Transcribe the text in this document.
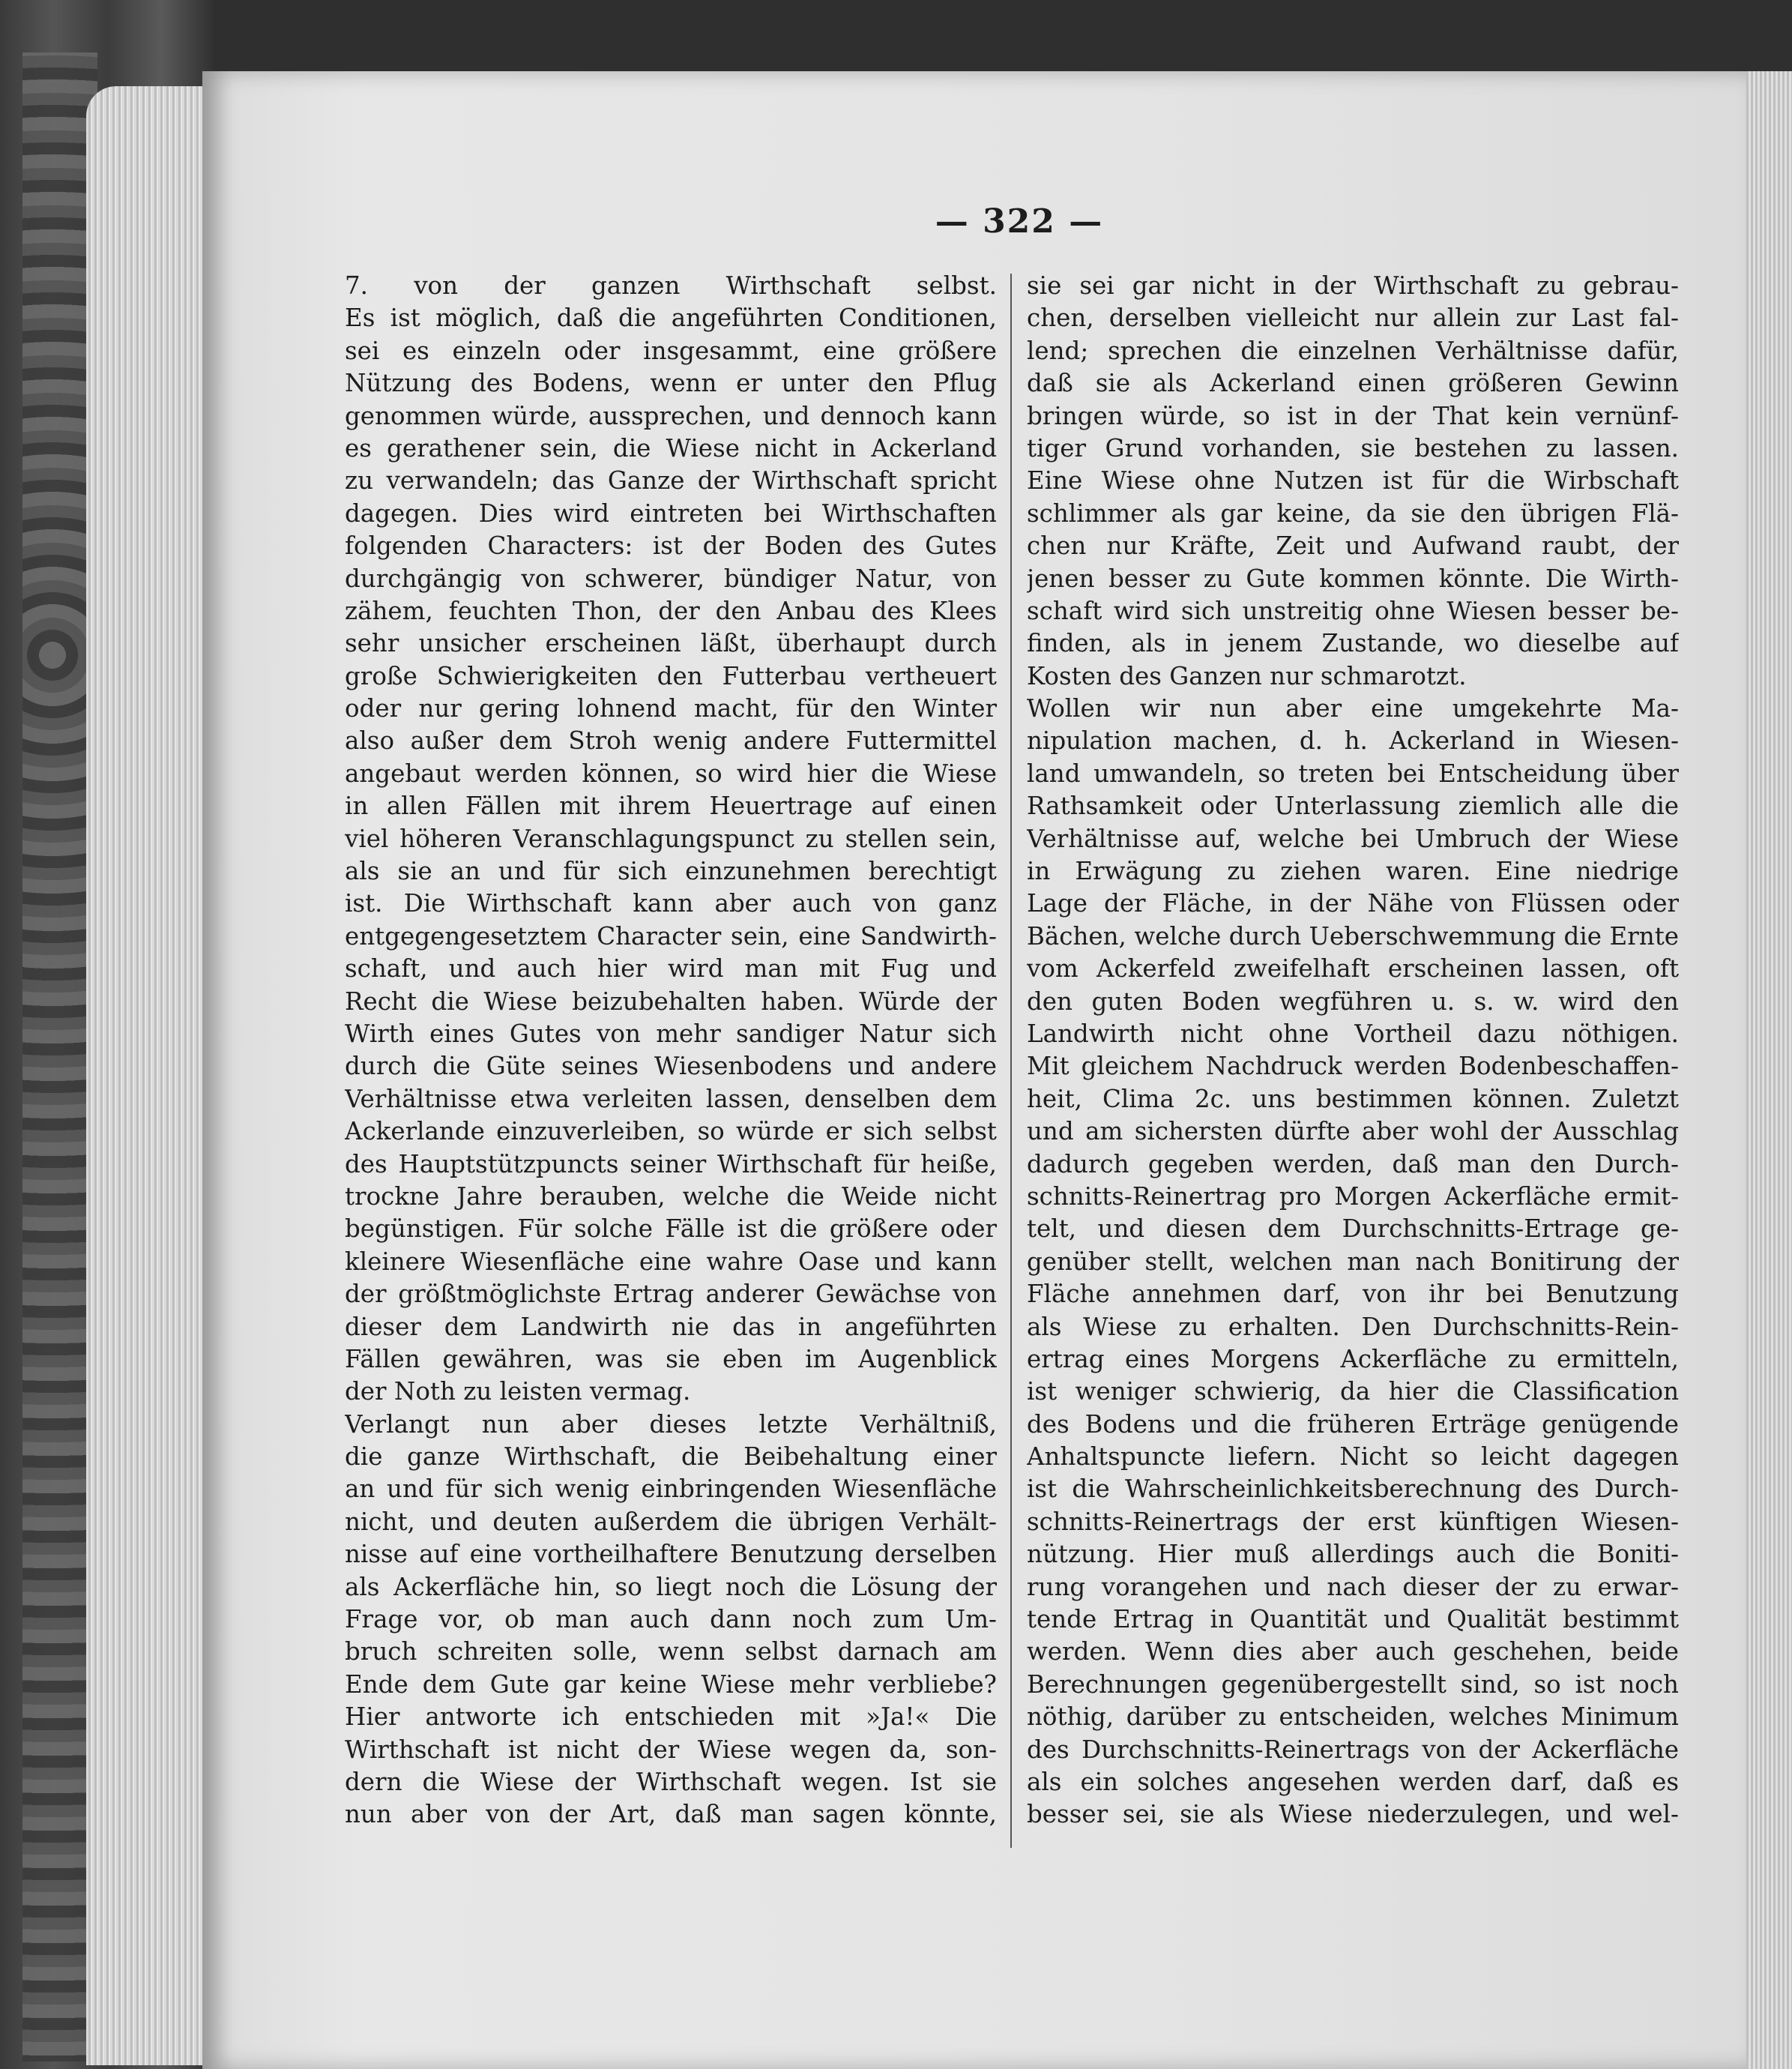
— 322 —
7. von der ganzen Wirthschaft selbst.
Es ist möglich, daß die angeführten Conditionen,
sei es einzeln oder insgesammt, eine größere
Nützung des Bodens, wenn er unter den Pflug
genommen würde, aussprechen, und dennoch kann
es gerathener sein, die Wiese nicht in Ackerland
zu verwandeln; das Ganze der Wirthschaft spricht
dagegen. Dies wird eintreten bei Wirthschaften
folgenden Characters: ist der Boden des Gutes
durchgängig von schwerer, bündiger Natur, von
zähem, feuchten Thon, der den Anbau des Klees
sehr unsicher erscheinen läßt, überhaupt durch
große Schwierigkeiten den Futterbau vertheuert
oder nur gering lohnend macht, für den Winter
also außer dem Stroh wenig andere Futtermittel
angebaut werden können, so wird hier die Wiese
in allen Fällen mit ihrem Heuertrage auf einen
viel höheren Veranschlagungspunct zu stellen sein,
als sie an und für sich einzunehmen berechtigt
ist. Die Wirthschaft kann aber auch von ganz
entgegengesetztem Character sein, eine Sandwirth-
schaft, und auch hier wird man mit Fug und
Recht die Wiese beizubehalten haben. Würde der
Wirth eines Gutes von mehr sandiger Natur sich
durch die Güte seines Wiesenbodens und andere
Verhältnisse etwa verleiten lassen, denselben dem
Ackerlande einzuverleiben, so würde er sich selbst
des Hauptstützpuncts seiner Wirthschaft für heiße,
trockne Jahre berauben, welche die Weide nicht
begünstigen. Für solche Fälle ist die größere oder
kleinere Wiesenfläche eine wahre Oase und kann
der größtmöglichste Ertrag anderer Gewächse von
dieser dem Landwirth nie das in angeführten
Fällen gewähren, was sie eben im Augenblick
der Noth zu leisten vermag.
Verlangt nun aber dieses letzte Verhältniß,
die ganze Wirthschaft, die Beibehaltung einer
an und für sich wenig einbringenden Wiesenfläche
nicht, und deuten außerdem die übrigen Verhält-
nisse auf eine vortheilhaftere Benutzung derselben
als Ackerfläche hin, so liegt noch die Lösung der
Frage vor, ob man auch dann noch zum Um-
bruch schreiten solle, wenn selbst darnach am
Ende dem Gute gar keine Wiese mehr verbliebe?
Hier antworte ich entschieden mit »Ja!« Die
Wirthschaft ist nicht der Wiese wegen da, son-
dern die Wiese der Wirthschaft wegen. Ist sie
nun aber von der Art, daß man sagen könnte,
sie sei gar nicht in der Wirthschaft zu gebrau-
chen, derselben vielleicht nur allein zur Last fal-
lend; sprechen die einzelnen Verhältnisse dafür,
daß sie als Ackerland einen größeren Gewinn
bringen würde, so ist in der That kein vernünf-
tiger Grund vorhanden, sie bestehen zu lassen.
Eine Wiese ohne Nutzen ist für die Wirbschaft
schlimmer als gar keine, da sie den übrigen Flä-
chen nur Kräfte, Zeit und Aufwand raubt, der
jenen besser zu Gute kommen könnte. Die Wirth-
schaft wird sich unstreitig ohne Wiesen besser be-
finden, als in jenem Zustande, wo dieselbe auf
Kosten des Ganzen nur schmarotzt.
Wollen wir nun aber eine umgekehrte Ma-
nipulation machen, d. h. Ackerland in Wiesen-
land umwandeln, so treten bei Entscheidung über
Rathsamkeit oder Unterlassung ziemlich alle die
Verhältnisse auf, welche bei Umbruch der Wiese
in Erwägung zu ziehen waren. Eine niedrige
Lage der Fläche, in der Nähe von Flüssen oder
Bächen, welche durch Ueberschwemmung die Ernte
vom Ackerfeld zweifelhaft erscheinen lassen, oft
den guten Boden wegführen u. s. w. wird den
Landwirth nicht ohne Vortheil dazu nöthigen.
Mit gleichem Nachdruck werden Bodenbeschaffen-
heit, Clima 2c. uns bestimmen können. Zuletzt
und am sichersten dürfte aber wohl der Ausschlag
dadurch gegeben werden, daß man den Durch-
schnitts-Reinertrag pro Morgen Ackerfläche ermit-
telt, und diesen dem Durchschnitts-Ertrage ge-
genüber stellt, welchen man nach Bonitirung der
Fläche annehmen darf, von ihr bei Benutzung
als Wiese zu erhalten. Den Durchschnitts-Rein-
ertrag eines Morgens Ackerfläche zu ermitteln,
ist weniger schwierig, da hier die Classification
des Bodens und die früheren Erträge genügende
Anhaltspuncte liefern. Nicht so leicht dagegen
ist die Wahrscheinlichkeitsberechnung des Durch-
schnitts-Reinertrags der erst künftigen Wiesen-
nützung. Hier muß allerdings auch die Boniti-
rung vorangehen und nach dieser der zu erwar-
tende Ertrag in Quantität und Qualität bestimmt
werden. Wenn dies aber auch geschehen, beide
Berechnungen gegenübergestellt sind, so ist noch
nöthig, darüber zu entscheiden, welches Minimum
des Durchschnitts-Reinertrags von der Ackerfläche
als ein solches angesehen werden darf, daß es
besser sei, sie als Wiese niederzulegen, und wel-
